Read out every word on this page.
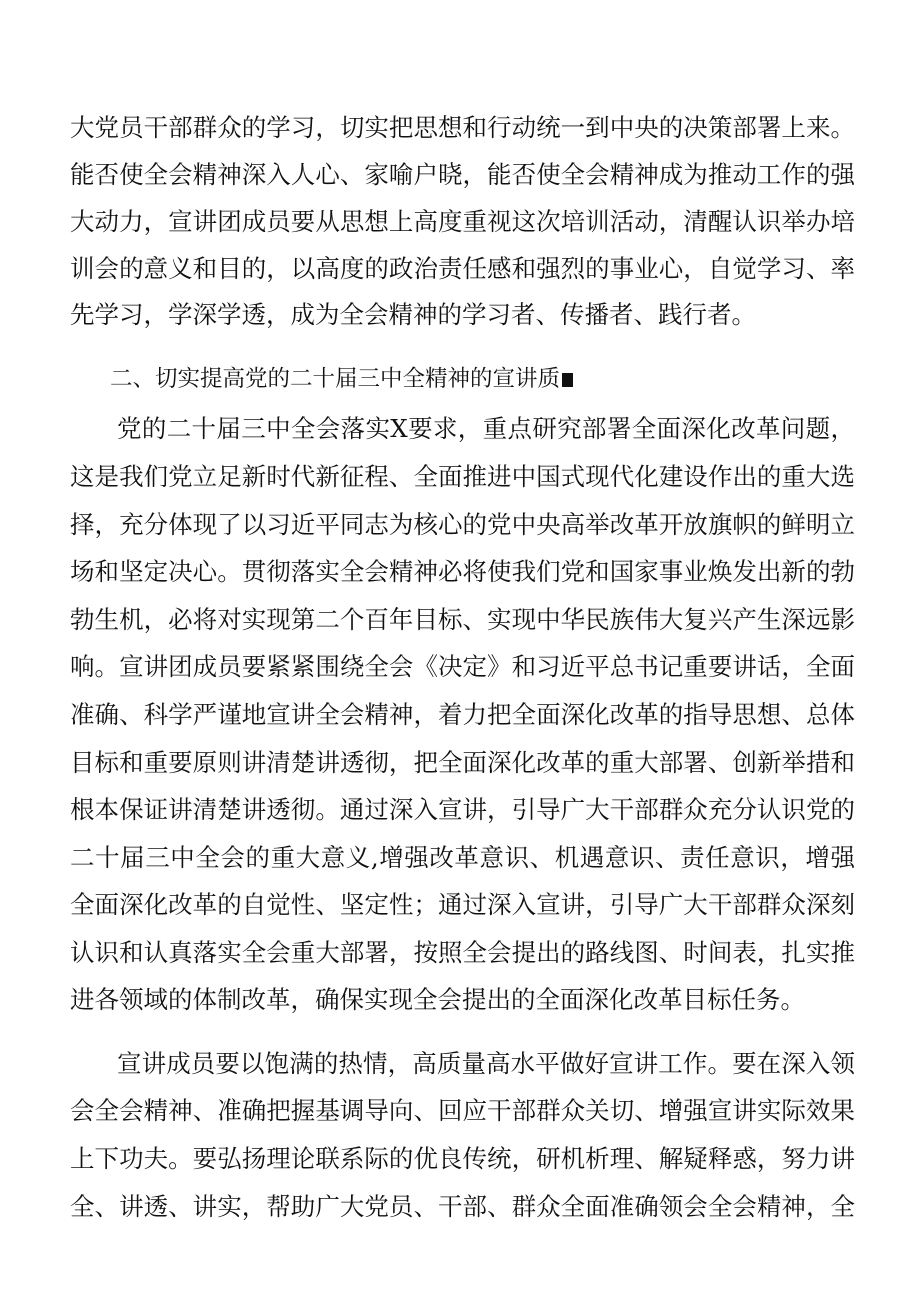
大党员干部群众的学习，切实把思想和行动统一到中央的决策部署上来。
能否使全会精神深入人心、家喻户晓，能否使全会精神成为推动工作的强
大动力，宣讲团成员要从思想上高度重视这次培训活动，清醒认识举办培
训会的意义和目的，以高度的政治责任感和强烈的事业心，自觉学习、率
先学习，学深学透，成为全会精神的学习者、传播者、践行者。
二、切实提高党的二十届三中全精神的宣讲质
党的二十届三中全会落实X要求，重点研究部署全面深化改革问题，
这是我们党立足新时代新征程、全面推进中国式现代化建设作出的重大选
择，充分体现了以习近平同志为核心的党中央高举改革开放旗帜的鲜明立
场和坚定决心。贯彻落实全会精神必将使我们党和国家事业焕发出新的勃
勃生机，必将对实现第二个百年目标、实现中华民族伟大复兴产生深远影
响。宣讲团成员要紧紧围绕全会《决定》和习近平总书记重要讲话，全面
准确、科学严谨地宣讲全会精神，着力把全面深化改革的指导思想、总体
目标和重要原则讲清楚讲透彻，把全面深化改革的重大部署、创新举措和
根本保证讲清楚讲透彻。通过深入宣讲，引导广大干部群众充分认识党的
二十届三中全会的重大意义,增强改革意识、机遇意识、责任意识，增强
全面深化改革的自觉性、坚定性；通过深入宣讲，引导广大干部群众深刻
认识和认真落实全会重大部署，按照全会提出的路线图、时间表，扎实推
进各领域的体制改革，确保实现全会提出的全面深化改革目标任务。
宣讲成员要以饱满的热情，高质量高水平做好宣讲工作。要在深入领
会全会精神、准确把握基调导向、回应干部群众关切、增强宣讲实际效果
上下功夫。要弘扬理论联系际的优良传统，研机析理、解疑释惑，努力讲
全、讲透、讲实，帮助广大党员、干部、群众全面准确领会全会精神，全
